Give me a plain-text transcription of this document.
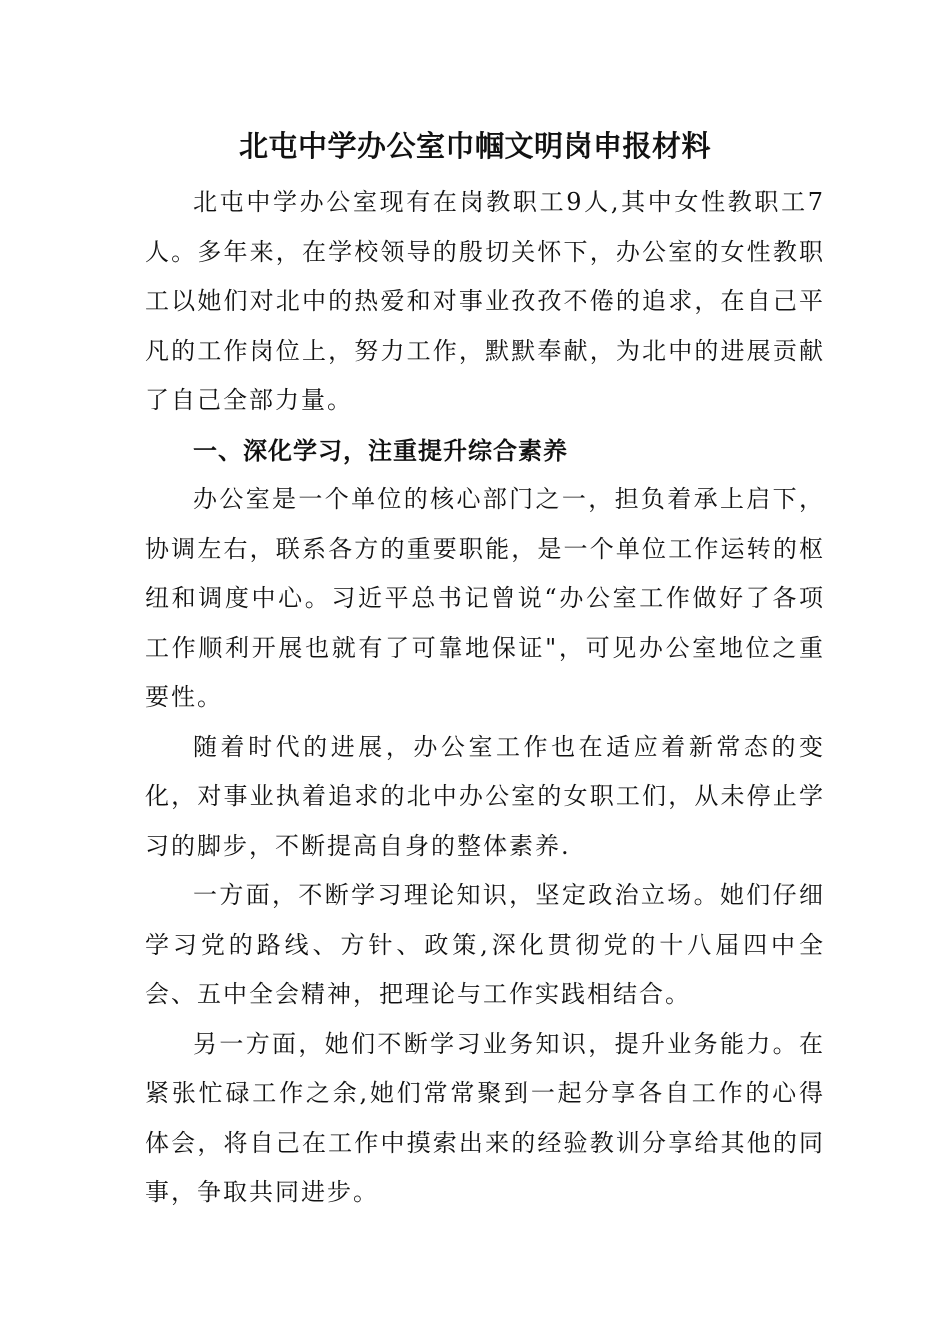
北屯中学办公室巾帼文明岗申报材料

北屯中学办公室现有在岗教职工9人,其中女性教职工7人。多年来，在学校领导的殷切关怀下，办公室的女性教职工以她们对北中的热爱和对事业孜孜不倦的追求，在自己平凡的工作岗位上，努力工作，默默奉献，为北中的进展贡献了自己全部力量。

一、深化学习，注重提升综合素养

办公室是一个单位的核心部门之一，担负着承上启下，协调左右，联系各方的重要职能，是一个单位工作运转的枢纽和调度中心。习近平总书记曾说“办公室工作做好了各项工作顺利开展也就有了可靠地保证"，可见办公室地位之重要性。

随着时代的进展，办公室工作也在适应着新常态的变化，对事业执着追求的北中办公室的女职工们，从未停止学习的脚步，不断提高自身的整体素养.

一方面，不断学习理论知识，坚定政治立场。她们仔细学习党的路线、方针、政策,深化贯彻党的十八届四中全会、五中全会精神，把理论与工作实践相结合。

另一方面，她们不断学习业务知识，提升业务能力。在紧张忙碌工作之余,她们常常聚到一起分享各自工作的心得体会，将自己在工作中摸索出来的经验教训分享给其他的同事，争取共同进步。
